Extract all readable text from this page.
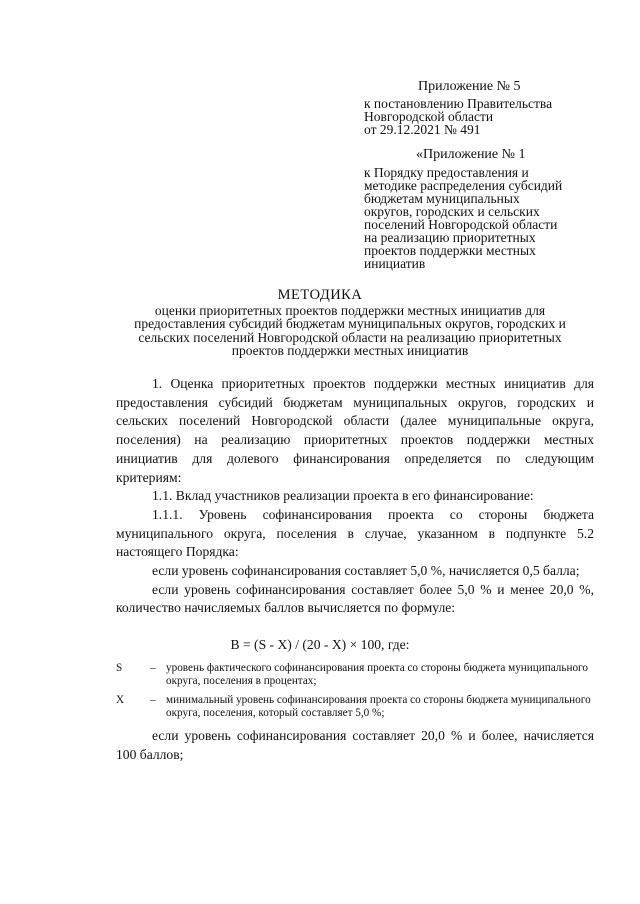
Приложение № 5
к постановлению Правительства
Новгородской области
от 29.12.2021 № 491
«Приложение № 1
к Порядку предоставления и
методике распределения субсидий
бюджетам муниципальных
округов, городских и сельских
поселений Новгородской области
на реализацию приоритетных
проектов поддержки местных
инициатив
МЕТОДИКА
оценки приоритетных проектов поддержки местных инициатив для
предоставления субсидий бюджетам муниципальных округов, городских и
сельских поселений Новгородской области на реализацию приоритетных
проектов поддержки местных инициатив

1. Оценка приоритетных проектов поддержки местных инициатив для предоставления субсидий бюджетам муниципальных округов, городских и сельских поселений Новгородской области (далее муниципальные округа, поселения) на реализацию приоритетных проектов поддержки местных инициатив для долевого финансирования определяется по следующим критериям:

1.1. Вклад участников реализации проекта в его финансирование:

1.1.1. Уровень софинансирования проекта со стороны бюджета муниципального округа, поселения в случае, указанном в подпункте 5.2 настоящего Порядка:

если уровень софинансирования составляет 5,0 %, начисляется 0,5 балла;

если уровень софинансирования составляет более 5,0 % и менее 20,0 %, количество начисляемых баллов вычисляется по формуле:

В = (S - X) / (20 - X) × 100, где:
S – уровень фактического софинансирования проекта со стороны бюджета муниципального округа, поселения в процентах;
X – минимальный уровень софинансирования проекта со стороны бюджета муниципального округа, поселения, который составляет 5,0 %;

если уровень софинансирования составляет 20,0 % и более, начисляется 100 баллов;
